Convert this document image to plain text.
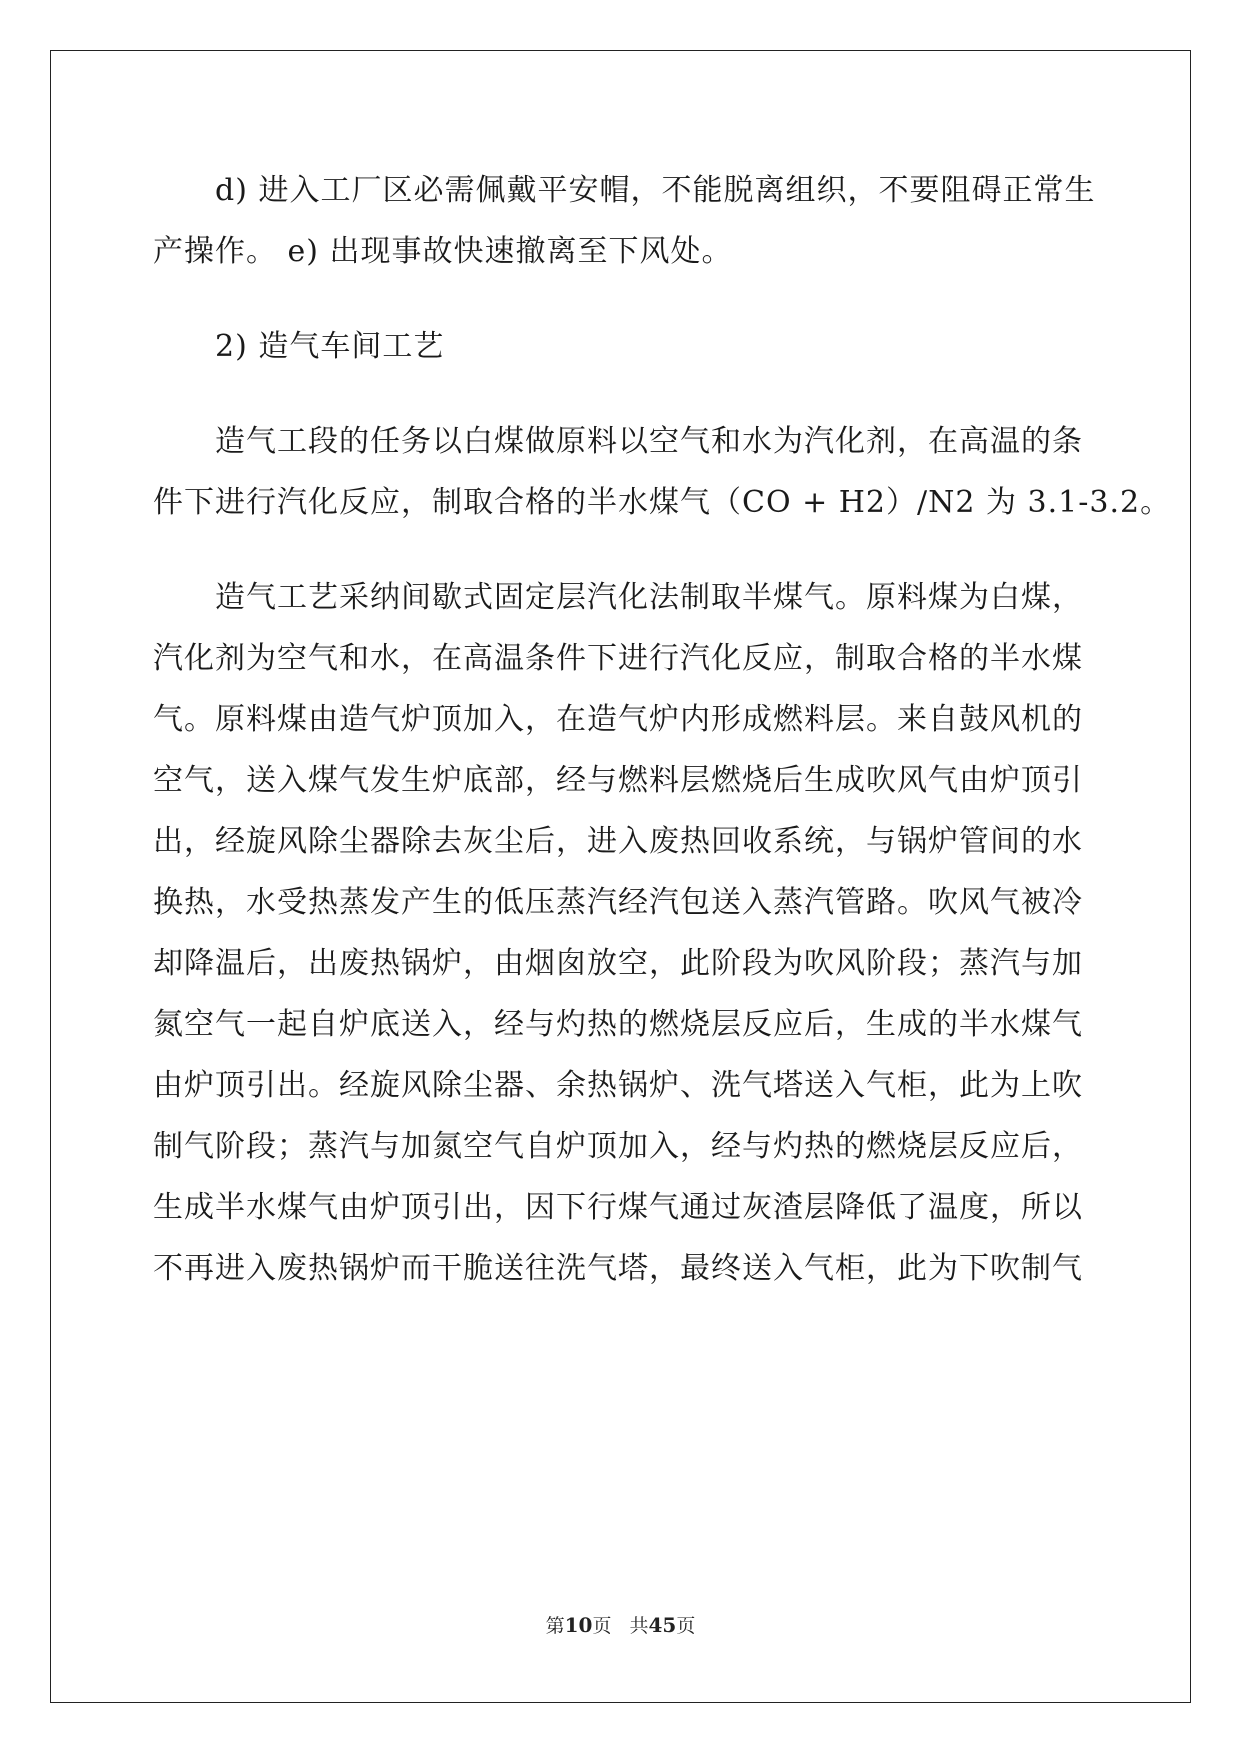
d) 进入工厂区必需佩戴平安帽，不能脱离组织，不要阻碍正常生
产操作。 e) 出现事故快速撤离至下风处。
2) 造气车间工艺
造气工段的任务以白煤做原料以空气和水为汽化剂，在高温的条
件下进行汽化反应，制取合格的半水煤气（CO + H2）/N2 为 3.1-3.2。
造气工艺采纳间歇式固定层汽化法制取半煤气。原料煤为白煤，
汽化剂为空气和水，在高温条件下进行汽化反应，制取合格的半水煤
气。原料煤由造气炉顶加入，在造气炉内形成燃料层。来自鼓风机的
空气，送入煤气发生炉底部，经与燃料层燃烧后生成吹风气由炉顶引
出，经旋风除尘器除去灰尘后，进入废热回收系统，与锅炉管间的水
换热，水受热蒸发产生的低压蒸汽经汽包送入蒸汽管路。吹风气被冷
却降温后，出废热锅炉，由烟囱放空，此阶段为吹风阶段；蒸汽与加
氮空气一起自炉底送入，经与灼热的燃烧层反应后，生成的半水煤气
由炉顶引出。经旋风除尘器、余热锅炉、洗气塔送入气柜，此为上吹
制气阶段；蒸汽与加氮空气自炉顶加入，经与灼热的燃烧层反应后，
生成半水煤气由炉顶引出，因下行煤气通过灰渣层降低了温度，所以
不再进入废热锅炉而干脆送往洗气塔，最终送入气柜，此为下吹制气
第10页 共45页
